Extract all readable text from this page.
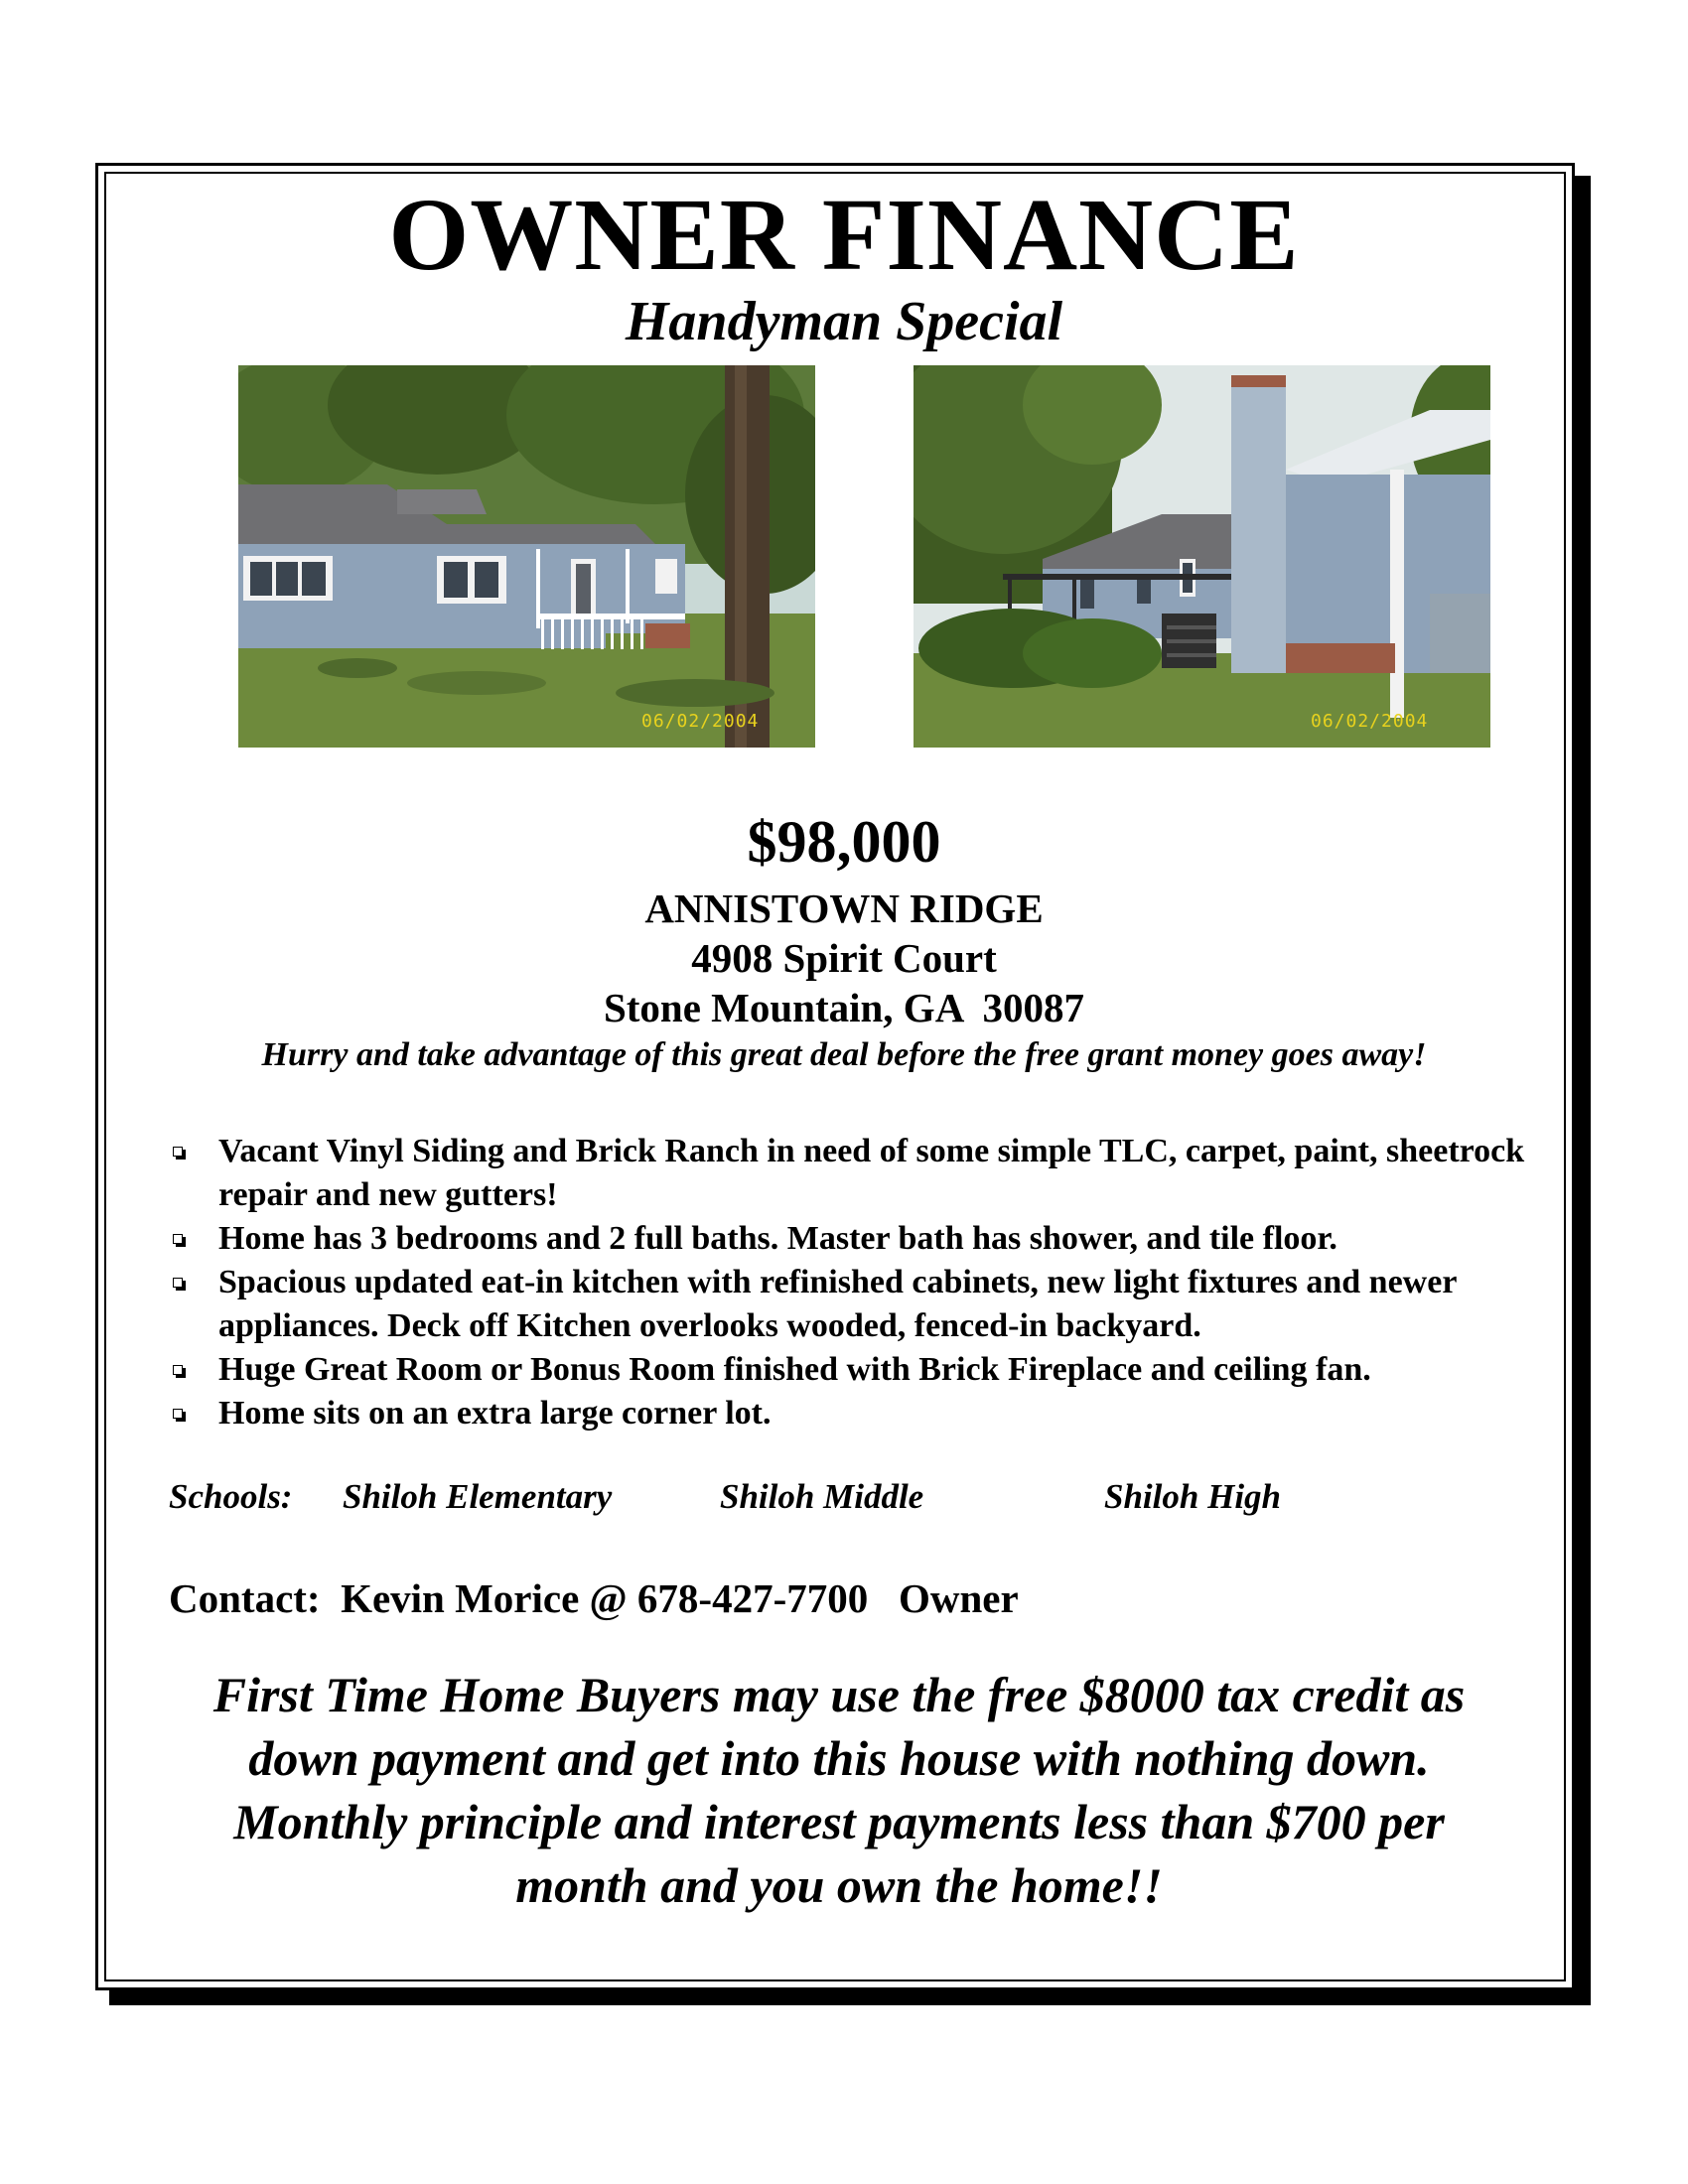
OWNER FINANCE
Handyman Special
06/02/2004	06/02/2004
$98,000
ANNISTOWN RIDGE
4908 Spirit Court
Stone Mountain, GA  30087
Hurry and take advantage of this great deal before the free grant money goes away!
Vacant Vinyl Siding and Brick Ranch in need of some simple TLC, carpet, paint, sheetrock repair and new gutters!
Home has 3 bedrooms and 2 full baths. Master bath has shower, and tile floor.
Spacious updated eat-in kitchen with refinished cabinets, new light fixtures and newer appliances. Deck off Kitchen overlooks wooded, fenced-in backyard.
Huge Great Room or Bonus Room finished with Brick Fireplace and ceiling fan.
Home sits on an extra large corner lot.
Schools: Shiloh Elementary	Shiloh Middle	Shiloh High
Contact:  Kevin Morice @ 678-427-7700   Owner
First Time Home Buyers may use the free $8000 tax credit as
down payment and get into this house with nothing down.
Monthly principle and interest payments less than $700 per
month and you own the home!!
